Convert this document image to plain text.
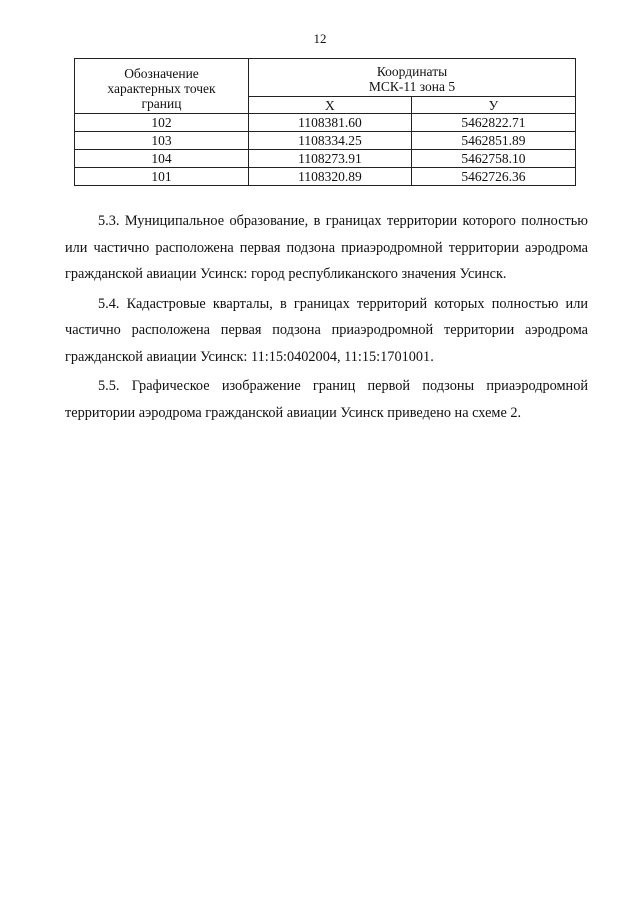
12
Обозначение
характерных точек
границ	Координаты
МСК-11 зона 5	

	Х	У
102	1108381.60	5462822.71
103	1108334.25	5462851.89
104	1108273.91	5462758.10
101	1108320.89	5462726.36

5.3. Муниципальное образование, в границах территории которого полностью или частично расположена первая подзона приаэродромной территории аэродрома гражданской авиации Усинск: город республиканского значения Усинск.

5.4. Кадастровые кварталы, в границах территорий которых полностью или частично расположена первая подзона приаэродромной территории аэродрома гражданской авиации Усинск: 11:15:0402004, 11:15:1701001.

5.5. Графическое изображение границ первой подзоны приаэродромной территории аэродрома гражданской авиации Усинск приведено на схеме 2.
